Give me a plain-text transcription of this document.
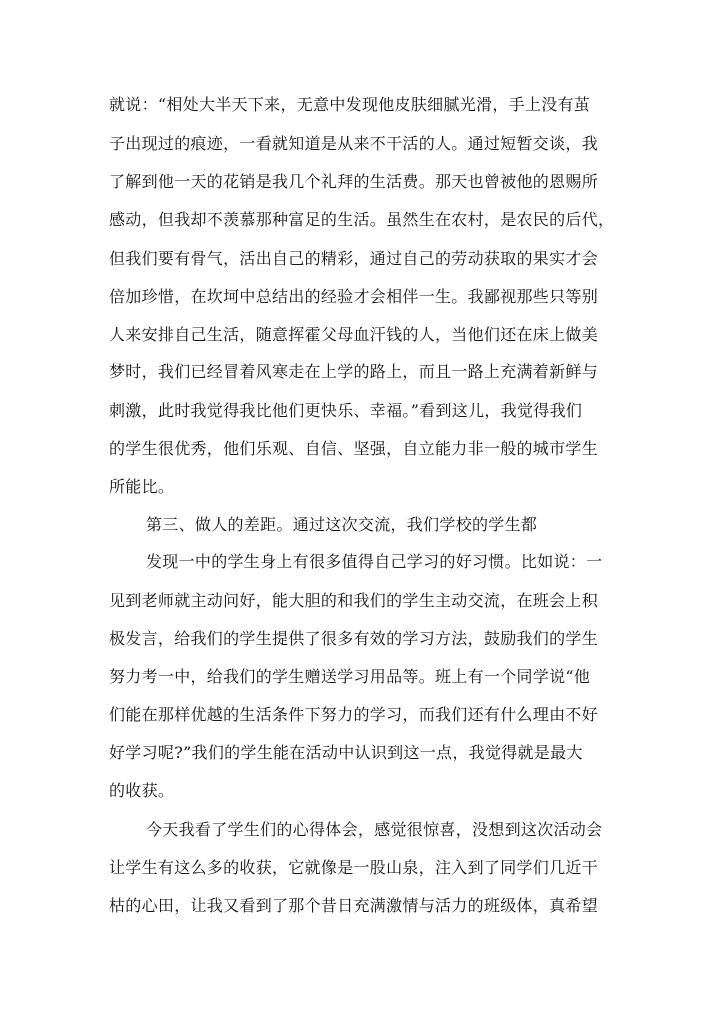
就说：“相处大半天下来，无意中发现他皮肤细腻光滑，手上没有茧
子出现过的痕迹，一看就知道是从来不干活的人。通过短暂交谈，我
了解到他一天的花销是我几个礼拜的生活费。那天也曾被他的恩赐所
感动，但我却不羡慕那种富足的生活。虽然生在农村，是农民的后代，
但我们要有骨气，活出自己的精彩，通过自己的劳动获取的果实才会
倍加珍惜，在坎坷中总结出的经验才会相伴一生。我鄙视那些只等别
人来安排自己生活，随意挥霍父母血汗钱的人，当他们还在床上做美
梦时，我们已经冒着风寒走在上学的路上，而且一路上充满着新鲜与
刺激，此时我觉得我比他们更快乐、幸福。”看到这儿，我觉得我们
的学生很优秀，他们乐观、自信、坚强，自立能力非一般的城市学生
所能比。
第三、做人的差距。通过这次交流，我们学校的学生都
发现一中的学生身上有很多值得自己学习的好习惯。比如说：一
见到老师就主动问好，能大胆的和我们的学生主动交流，在班会上积
极发言，给我们的学生提供了很多有效的学习方法，鼓励我们的学生
努力考一中，给我们的学生赠送学习用品等。班上有一个同学说“他
们能在那样优越的生活条件下努力的学习，而我们还有什么理由不好
好学习呢?”我们的学生能在活动中认识到这一点，我觉得就是最大
的收获。
今天我看了学生们的心得体会，感觉很惊喜，没想到这次活动会
让学生有这么多的收获，它就像是一股山泉，注入到了同学们几近干
枯的心田，让我又看到了那个昔日充满激情与活力的班级体，真希望
